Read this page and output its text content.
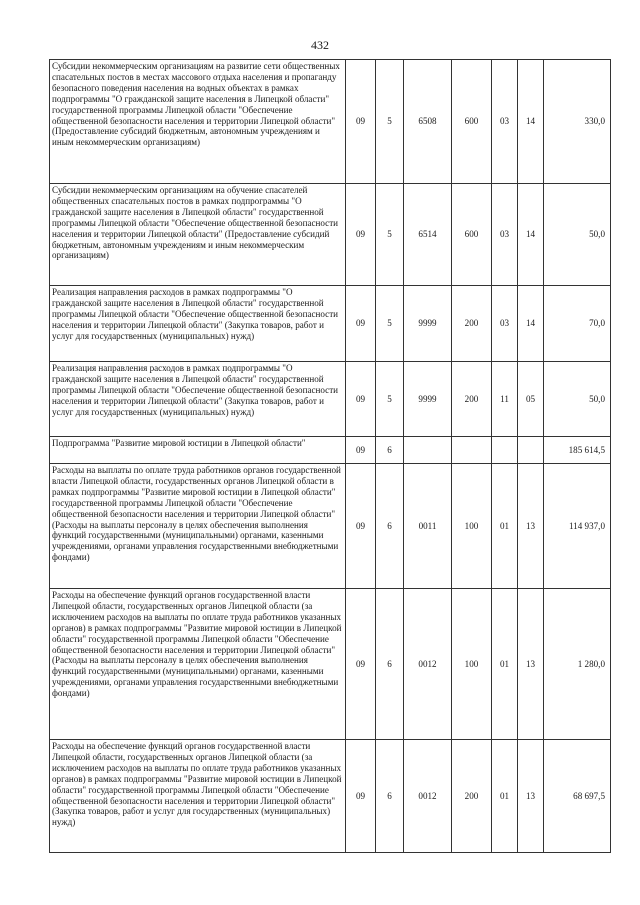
432
Субсидии некоммерческим организациям на развитие сети общественных спасательных постов в местах массового отдыха населения и пропаганду безопасного поведения населения на водных объектах в рамках подпрограммы "О гражданской защите населения в Липецкой области" государственной программы Липецкой области "Обеспечение общественной безопасности населения и территории Липецкой области" (Предоставление субсидий бюджетным, автономным учреждениям и иным некоммерческим организациям)	09	5	6508	600	03	14	330,0
Субсидии некоммерческим организациям на обучение спасателей общественных спасательных постов в рамках подпрограммы "О гражданской защите населения в Липецкой области" государственной программы Липецкой области "Обеспечение общественной безопасности населения и территории Липецкой области" (Предоставление субсидий бюджетным, автономным учреждениям и иным некоммерческим организациям)	09	5	6514	600	03	14	50,0
Реализация направления расходов в рамках подпрограммы "О гражданской защите населения в Липецкой области" государственной программы Липецкой области "Обеспечение общественной безопасности населения и территории Липецкой области" (Закупка товаров, работ и услуг для государственных (муниципальных) нужд)	09	5	9999	200	03	14	70,0
Реализация направления расходов в рамках подпрограммы "О гражданской защите населения в Липецкой области" государственной программы Липецкой области "Обеспечение общественной безопасности населения и территории Липецкой области" (Закупка товаров, работ и услуг для государственных (муниципальных) нужд)	09	5	9999	200	11	05	50,0
Подпрограмма "Развитие мировой юстиции в Липецкой области"	09	6					185 614,5
Расходы на выплаты по оплате труда работников органов государственной власти Липецкой области, государственных органов Липецкой области в рамках подпрограммы "Развитие мировой юстиции в Липецкой области" государственной программы Липецкой области "Обеспечение общественной безопасности населения и территории Липецкой области" (Расходы на выплаты персоналу в целях обеспечения выполнения функций государственными (муниципальными) органами, казенными учреждениями, органами управления государственными внебюджетными фондами)	09	6	0011	100	01	13	114 937,0
Расходы на обеспечение функций органов государственной власти Липецкой области, государственных органов Липецкой области (за исключением расходов на выплаты по оплате труда работников указанных органов) в рамках подпрограммы "Развитие мировой юстиции в Липецкой области" государственной программы Липецкой области "Обеспечение общественной безопасности населения и территории Липецкой области" (Расходы на выплаты персоналу в целях обеспечения выполнения функций государственными (муниципальными) органами, казенными учреждениями, органами управления государственными внебюджетными фондами)	09	6	0012	100	01	13	1 280,0
Расходы на обеспечение функций органов государственной власти Липецкой области, государственных органов Липецкой области (за исключением расходов на выплаты по оплате труда работников указанных органов) в рамках подпрограммы "Развитие мировой юстиции в Липецкой области" государственной программы Липецкой области "Обеспечение общественной безопасности населения и территории Липецкой области" (Закупка товаров, работ и услуг для государственных (муниципальных) нужд)	09	6	0012	200	01	13	68 697,5
